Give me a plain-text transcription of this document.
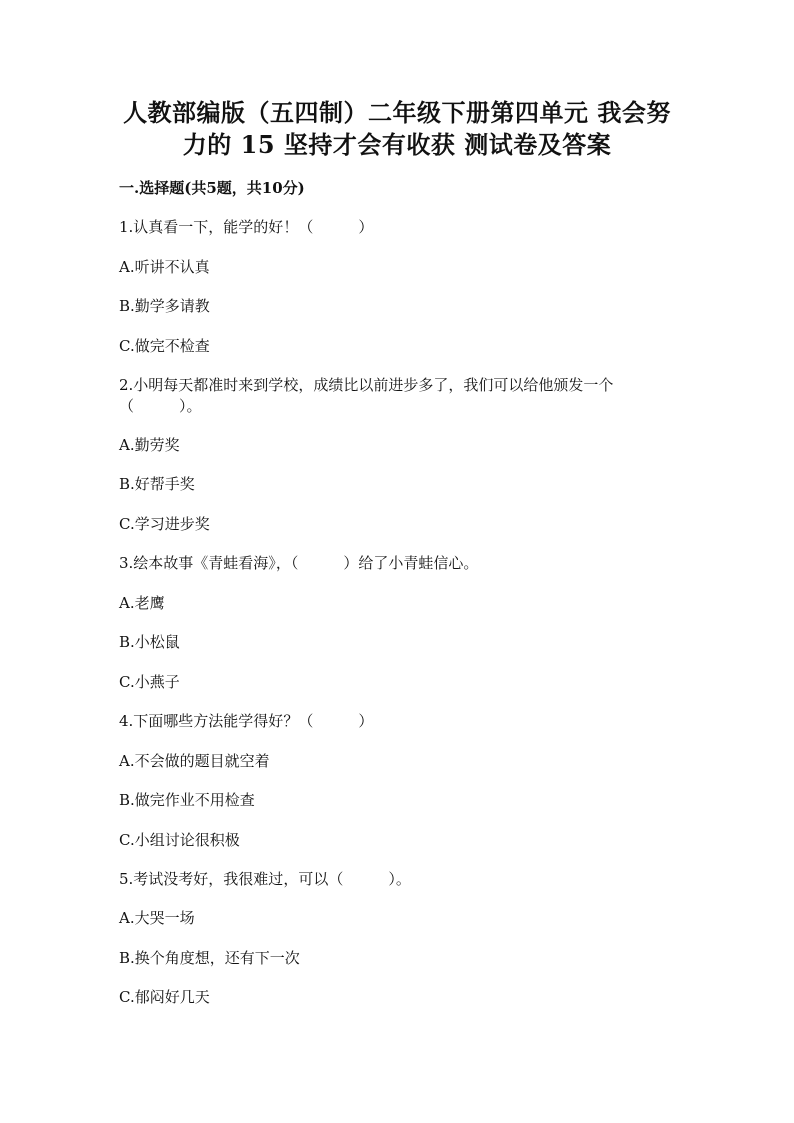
人教部编版（五四制）二年级下册第四单元 我会努
力的 15 坚持才会有收获 测试卷及答案
一.选择题(共5题，共10分)
1.认真看一下，能学的好！（　　　）
A.听讲不认真
B.勤学多请教
C.做完不检查
2.小明每天都准时来到学校，成绩比以前进步多了，我们可以给他颁发一个
（　　　）。
A.勤劳奖
B.好帮手奖
C.学习进步奖
3.绘本故事《青蛙看海》，（　　　）给了小青蛙信心。
A.老鹰
B.小松鼠
C.小燕子
4.下面哪些方法能学得好？（　　　）
A.不会做的题目就空着
B.做完作业不用检查
C.小组讨论很积极
5.考试没考好，我很难过，可以（　　　）。
A.大哭一场
B.换个角度想，还有下一次
C.郁闷好几天
